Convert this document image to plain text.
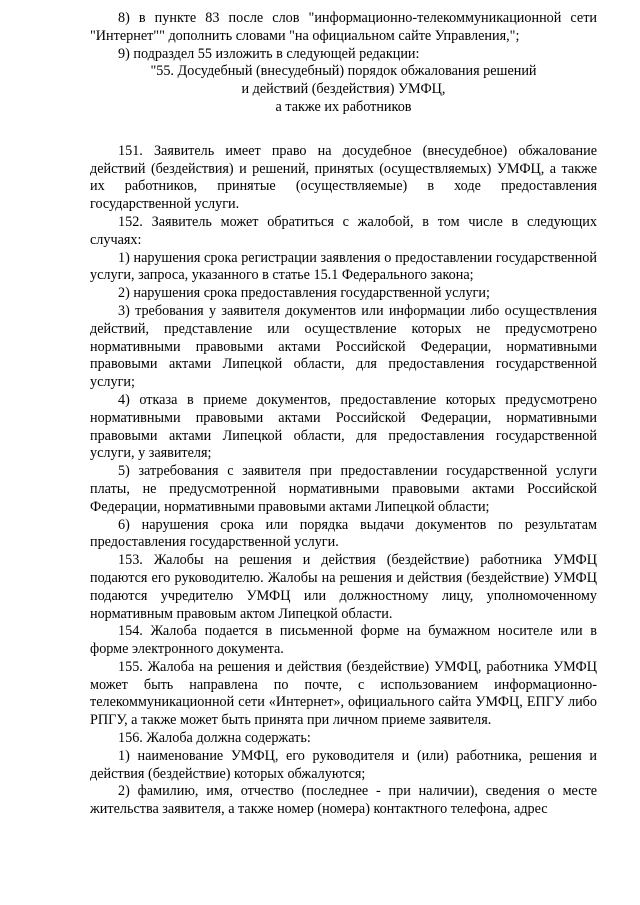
8) в пункте 83 после слов "информационно-телекоммуникационной сети "Интернет"" дополнить словами "на официальном сайте Управления,";

9) подраздел 55 изложить в следующей редакции:

"55. Досудебный (внесудебный) порядок обжалования решений
и действий (бездействия) УМФЦ,
а также их работников

151. Заявитель имеет право на досудебное (внесудебное) обжалование действий (бездействия) и решений, принятых (осуществляемых) УМФЦ, а также их работников, принятые (осуществляемые) в ходе предоставления государственной услуги.

152. Заявитель может обратиться с жалобой, в том числе в следующих случаях:

1) нарушения срока регистрации заявления о предоставлении государственной услуги, запроса, указанного в статье 15.1 Федерального закона;

2) нарушения срока предоставления государственной услуги;

3) требования у заявителя документов или информации либо осуществления действий, представление или осуществление которых не предусмотрено нормативными правовыми актами Российской Федерации, нормативными правовыми актами Липецкой области, для предоставления государственной услуги;

4) отказа в приеме документов, предоставление которых предусмотрено нормативными правовыми актами Российской Федерации, нормативными правовыми актами Липецкой области, для предоставления государственной услуги, у заявителя;

5) затребования с заявителя при предоставлении государственной услуги платы, не предусмотренной нормативными правовыми актами Российской Федерации, нормативными правовыми актами Липецкой области;

6) нарушения срока или порядка выдачи документов по результатам предоставления государственной услуги.

153. Жалобы на решения и действия (бездействие) работника УМФЦ подаются его руководителю. Жалобы на решения и действия (бездействие) УМФЦ подаются учредителю УМФЦ или должностному лицу, уполномоченному нормативным правовым актом Липецкой области.

154. Жалоба подается в письменной форме на бумажном носителе или в форме электронного документа.

155. Жалоба на решения и действия (бездействие) УМФЦ, работника УМФЦ может быть направлена по почте, с использованием информационно-телекоммуникационной сети «Интернет», официального сайта УМФЦ, ЕПГУ либо РПГУ, а также может быть принята при личном приеме заявителя.

156. Жалоба должна содержать:

1) наименование УМФЦ, его руководителя и (или) работника, решения и действия (бездействие) которых обжалуются;

2) фамилию, имя, отчество (последнее - при наличии), сведения о месте жительства заявителя, а также номер (номера) контактного телефона, адрес
